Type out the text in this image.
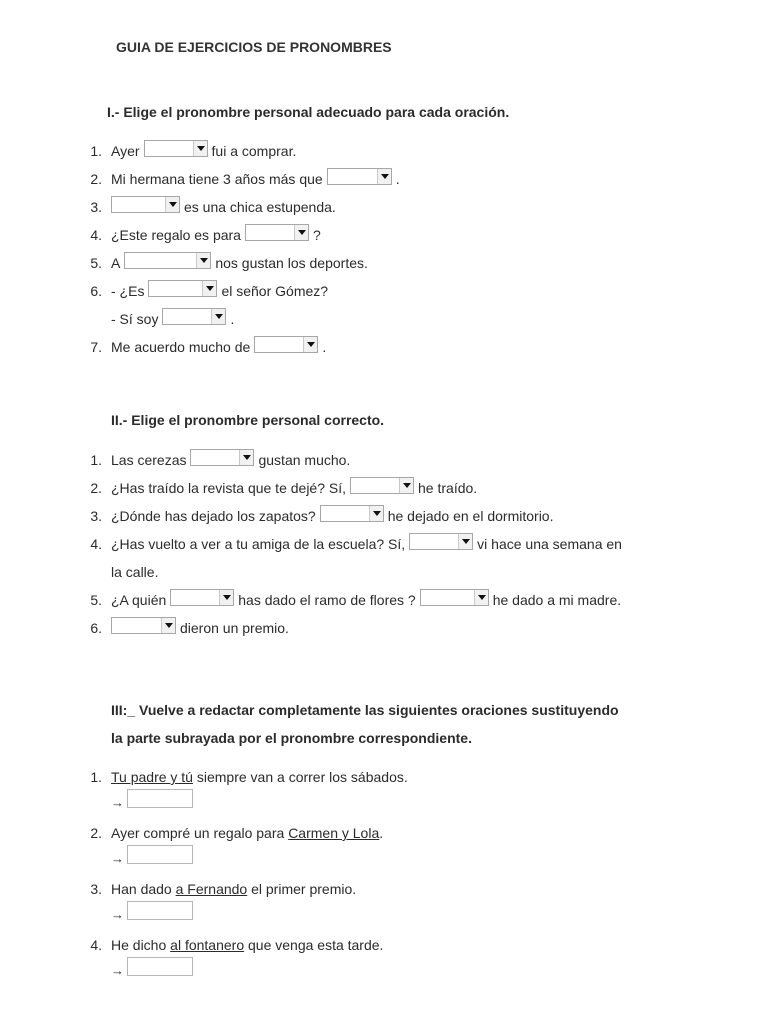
GUIA DE EJERCICIOS DE PRONOMBRES
I.- Elige el pronombre personal adecuado para cada oración.
1. Ayer	fui a comprar.
2. Mi hermana tiene 3 años más que	.
3.	es una chica estupenda.
4. ¿Este regalo es para	?
5. A	nos gustan los deportes.
6. - ¿Es	el señor Gómez?
- Sí soy	.
7. Me acuerdo mucho de	.
II.- Elige el pronombre personal correcto.
1. Las cerezas	gustan mucho.
2. ¿Has traído la revista que te dejé? Sí,	he traído.
3. ¿Dónde has dejado los zapatos?	he dejado en el dormitorio.
4. ¿Has vuelto a ver a tu amiga de la escuela? Sí,	vi hace una semana en
la calle.
5. ¿A quién	has dado el ramo de flores ?	he dado a mi madre.
6.	dieron un premio.
III:_ Vuelve a redactar completamente las siguientes oraciones sustituyendo
la parte subrayada por el pronombre correspondiente.
1. Tu padre y tú siempre van a correr los sábados.
→
2. Ayer compré un regalo para Carmen y Lola.
→
3. Han dado a Fernando el primer premio.
→
4. He dicho al fontanero que venga esta tarde.
→
